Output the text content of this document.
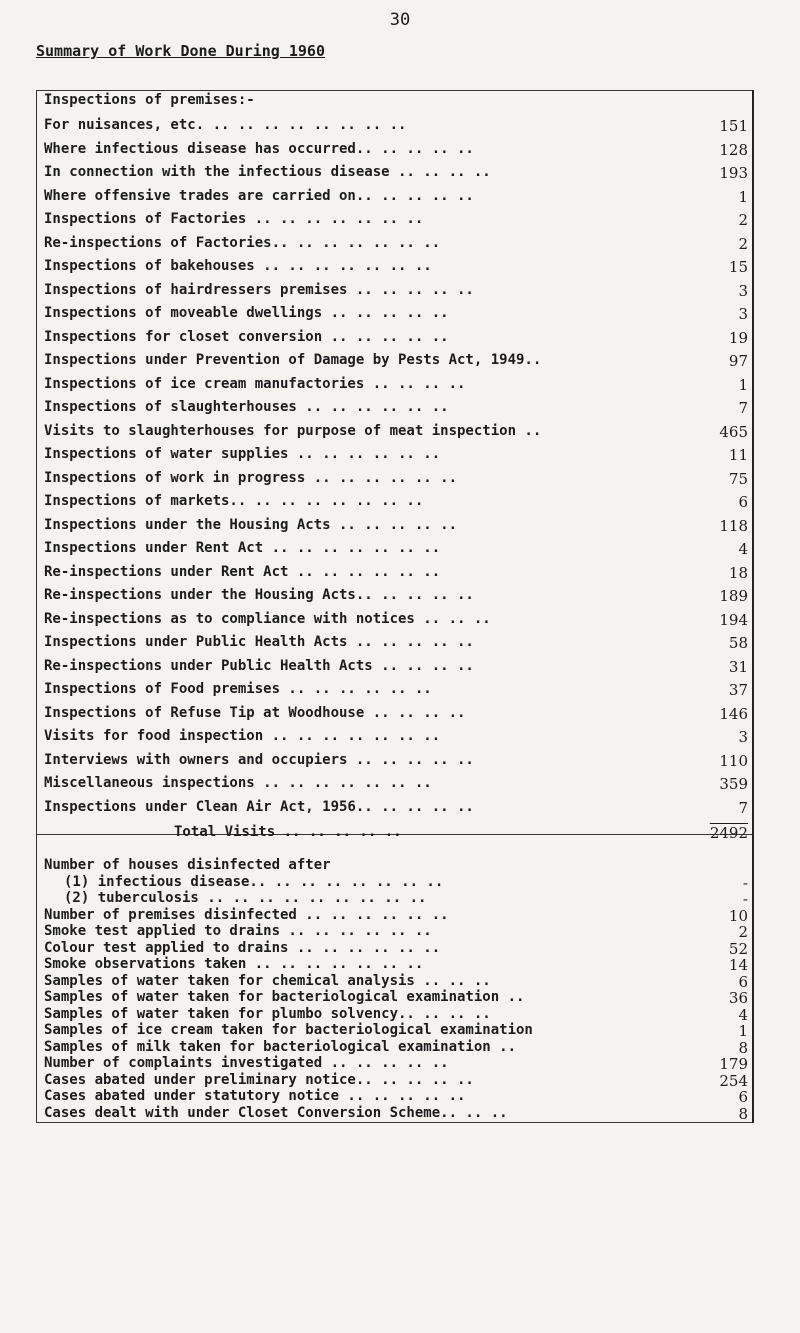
30
Summary of Work Done During 1960
Inspections of premises:-
For nuisances, etc. .. .. .. .. .. .. .. ..	151
Where infectious disease has occurred.. .. .. .. ..	128
In connection with the infectious disease .. .. .. ..	193
Where offensive trades are carried on.. .. .. .. ..	1
Inspections of Factories .. .. .. .. .. .. ..	2
Re-inspections of Factories.. .. .. .. .. .. ..	2
Inspections of bakehouses .. .. .. .. .. .. ..	15
Inspections of hairdressers premises .. .. .. .. ..	3
Inspections of moveable dwellings .. .. .. .. ..	3
Inspections for closet conversion .. .. .. .. ..	19
Inspections under Prevention of Damage by Pests Act, 1949..	97
Inspections of ice cream manufactories .. .. .. ..	1
Inspections of slaughterhouses .. .. .. .. .. ..	7
Visits to slaughterhouses for purpose of meat inspection ..	465
Inspections of water supplies .. .. .. .. .. ..	11
Inspections of work in progress .. .. .. .. .. ..	75
Inspections of markets.. .. .. .. .. .. .. ..	6
Inspections under the Housing Acts .. .. .. .. ..	118
Inspections under Rent Act .. .. .. .. .. .. ..	4
Re-inspections under Rent Act .. .. .. .. .. ..	18
Re-inspections under the Housing Acts.. .. .. .. ..	189
Re-inspections as to compliance with notices .. .. ..	194
Inspections under Public Health Acts .. .. .. .. ..	58
Re-inspections under Public Health Acts .. .. .. ..	31
Inspections of Food premises .. .. .. .. .. ..	37
Inspections of Refuse Tip at Woodhouse .. .. .. ..	146
Visits for food inspection .. .. .. .. .. .. ..	3
Interviews with owners and occupiers .. .. .. .. ..	110
Miscellaneous inspections .. .. .. .. .. .. ..	359
Inspections under Clean Air Act, 1956.. .. .. .. ..	7
Total Visits .. .. .. .. ..	2492
Number of houses disinfected after
(1) infectious disease.. .. .. .. .. .. .. ..	-
(2) tuberculosis .. .. .. .. .. .. .. .. ..	-
Number of premises disinfected .. .. .. .. .. ..	10
Smoke test applied to drains .. .. .. .. .. ..	2
Colour test applied to drains .. .. .. .. .. ..	52
Smoke observations taken .. .. .. .. .. .. ..	14
Samples of water taken for chemical analysis .. .. ..	6
Samples of water taken for bacteriological examination ..	36
Samples of water taken for plumbo solvency.. .. .. ..	4
Samples of ice cream taken for bacteriological examination	1
Samples of milk taken for bacteriological examination ..	8
Number of complaints investigated .. .. .. .. ..	179
Cases abated under preliminary notice.. .. .. .. ..	254
Cases abated under statutory notice .. .. .. .. ..	6
Cases dealt with under Closet Conversion Scheme.. .. ..	8
